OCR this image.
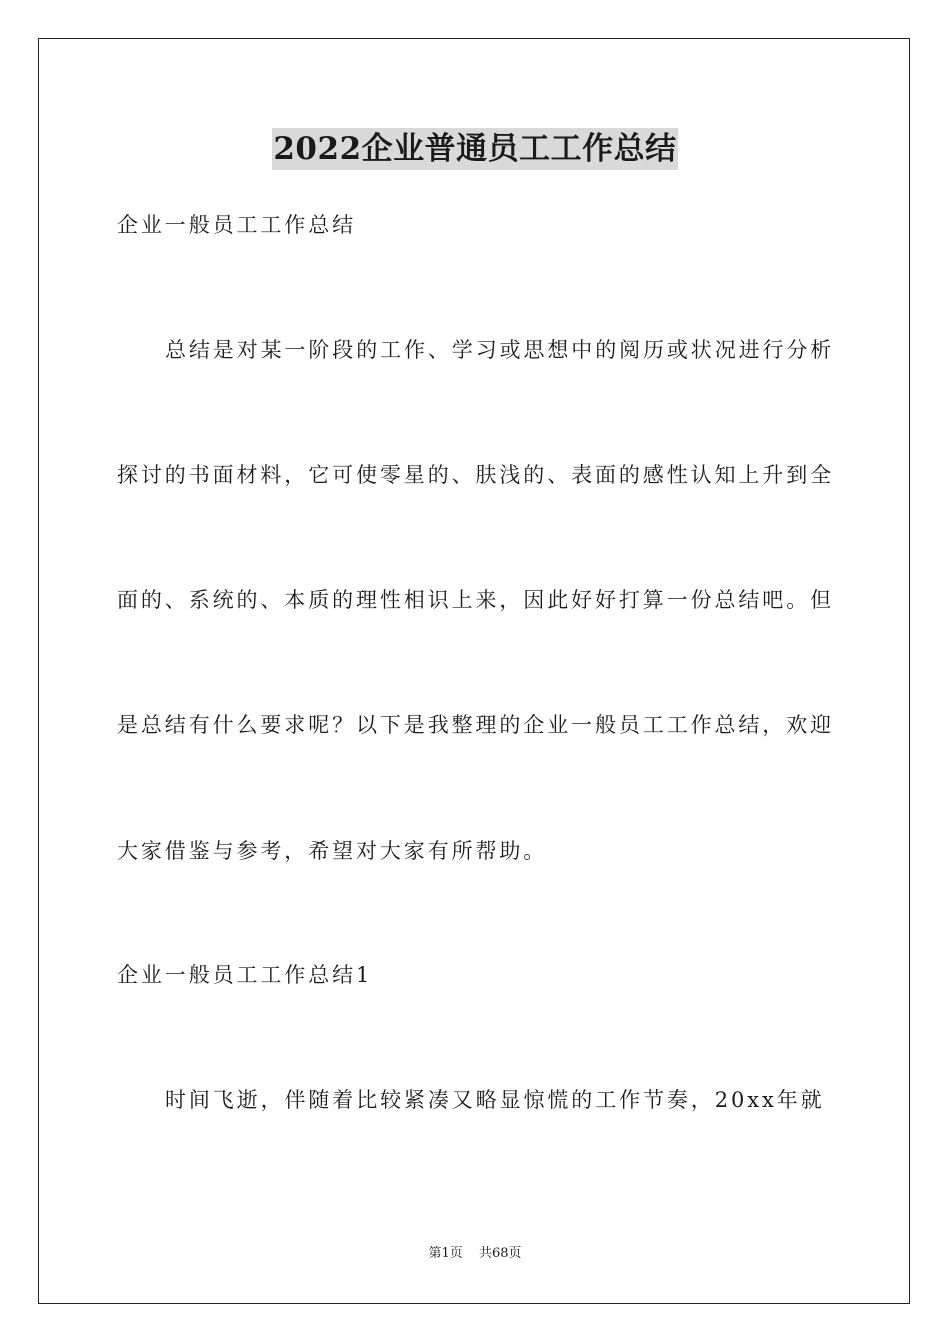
2022企业普通员工工作总结
企业一般员工工作总结
总结是对某一阶段的工作、学习或思想中的阅历或状况进行分析
探讨的书面材料，它可使零星的、肤浅的、表面的感性认知上升到全
面的、系统的、本质的理性相识上来，因此好好打算一份总结吧。但
是总结有什么要求呢？以下是我整理的企业一般员工工作总结，欢迎
大家借鉴与参考，希望对大家有所帮助。
企业一般员工工作总结1
时间飞逝，伴随着比较紧凑又略显惊慌的工作节奏，20xx年就
第1页 共68页
